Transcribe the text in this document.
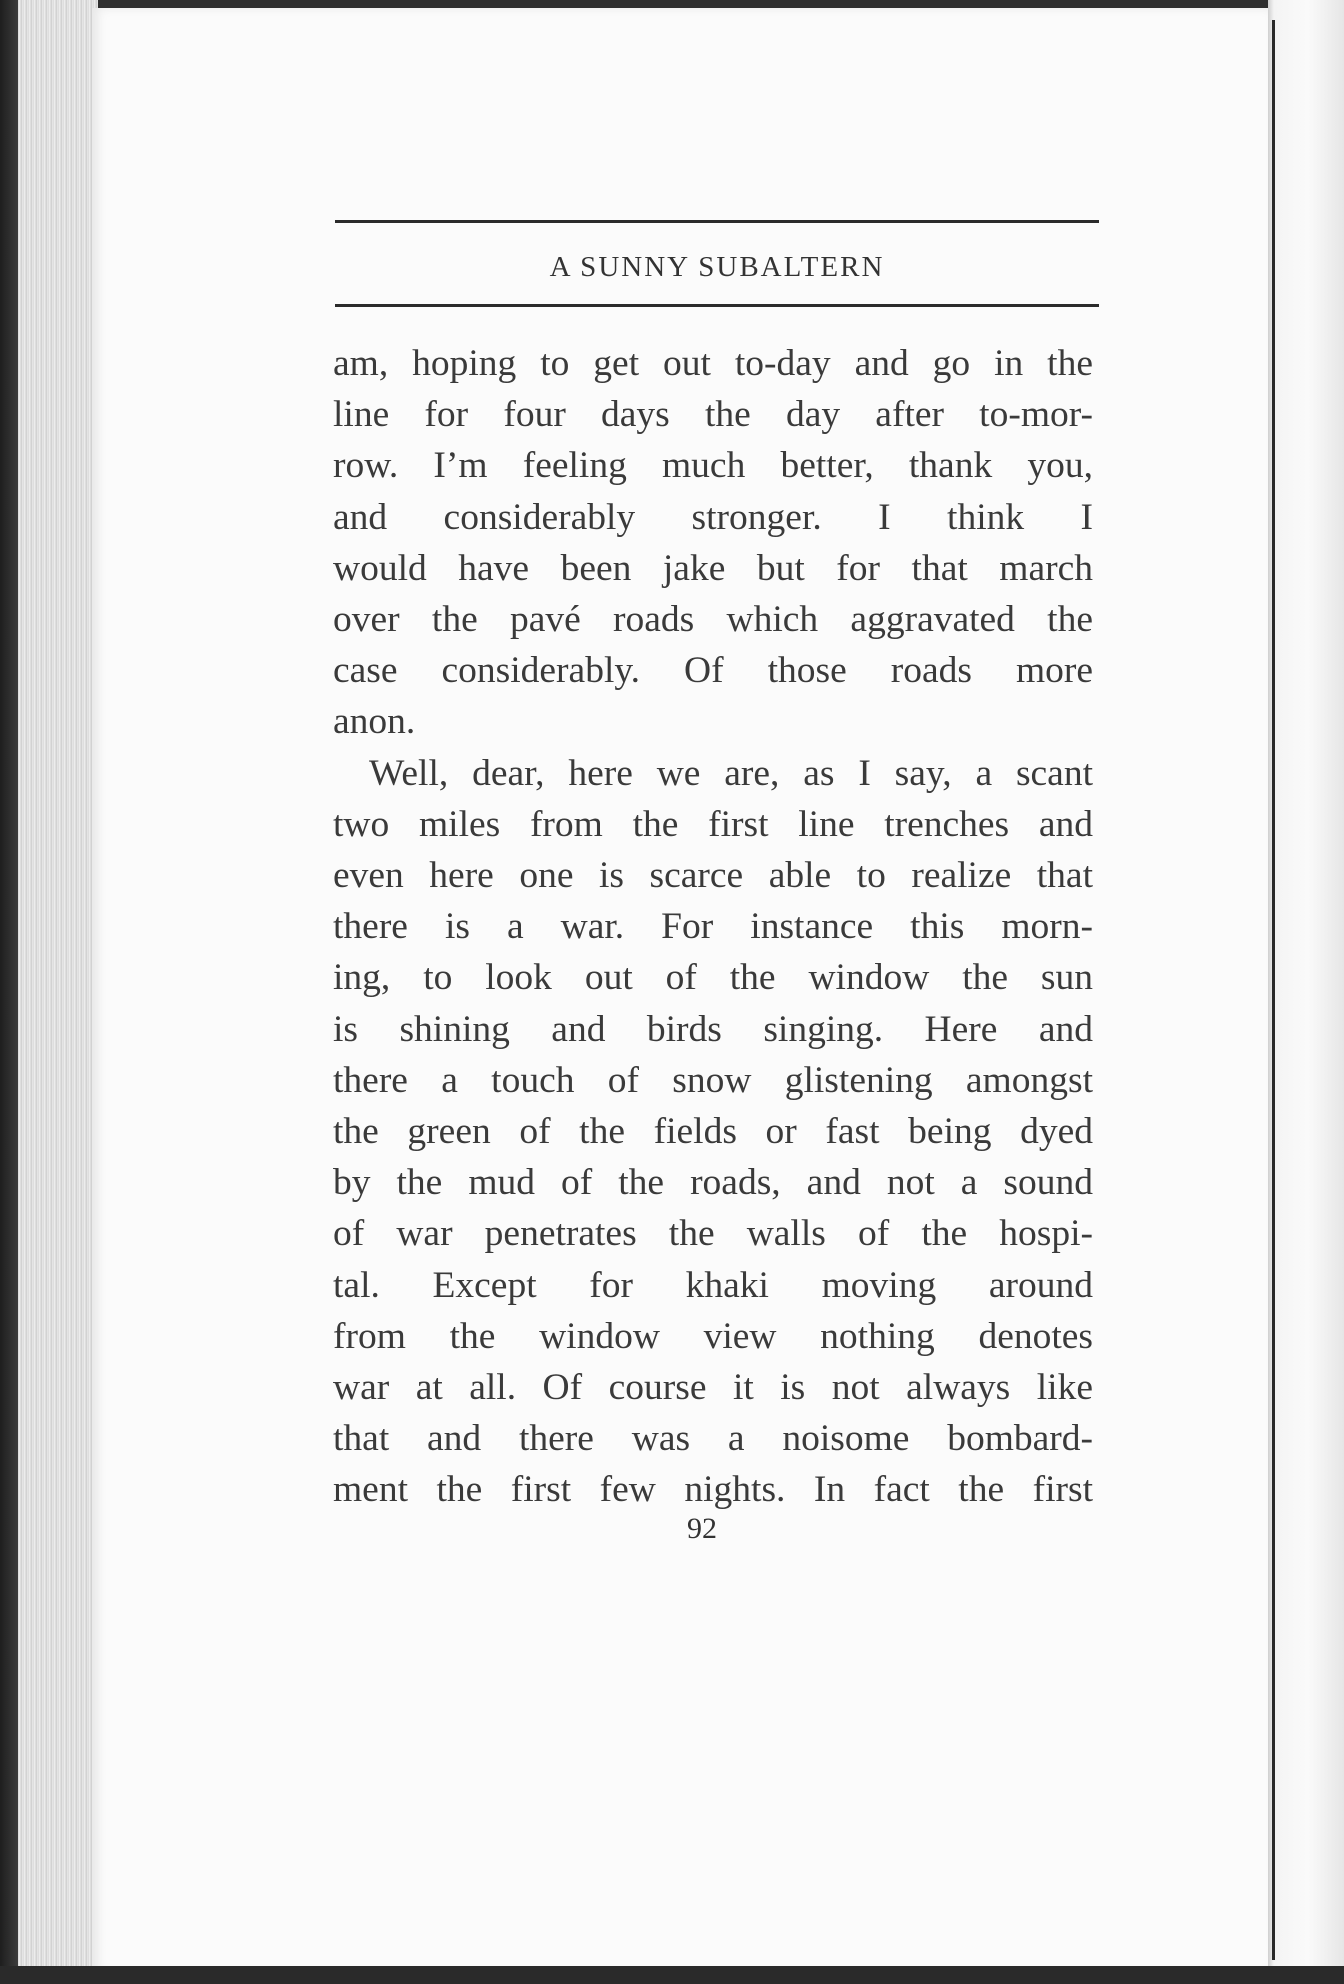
A SUNNY SUBALTERN
am, hoping to get out to-day and go in the
line for four days the day after to-mor-
row. I’m feeling much better, thank you,
and considerably stronger. I think I
would have been jake but for that march
over the pavé roads which aggravated the
case considerably. Of those roads more
anon.
Well, dear, here we are, as I say, a scant
two miles from the first line trenches and
even here one is scarce able to realize that
there is a war. For instance this morn-
ing, to look out of the window the sun
is shining and birds singing. Here and
there a touch of snow glistening amongst
the green of the fields or fast being dyed
by the mud of the roads, and not a sound
of war penetrates the walls of the hospi-
tal. Except for khaki moving around
from the window view nothing denotes
war at all. Of course it is not always like
that and there was a noisome bombard-
ment the first few nights. In fact the first
92
